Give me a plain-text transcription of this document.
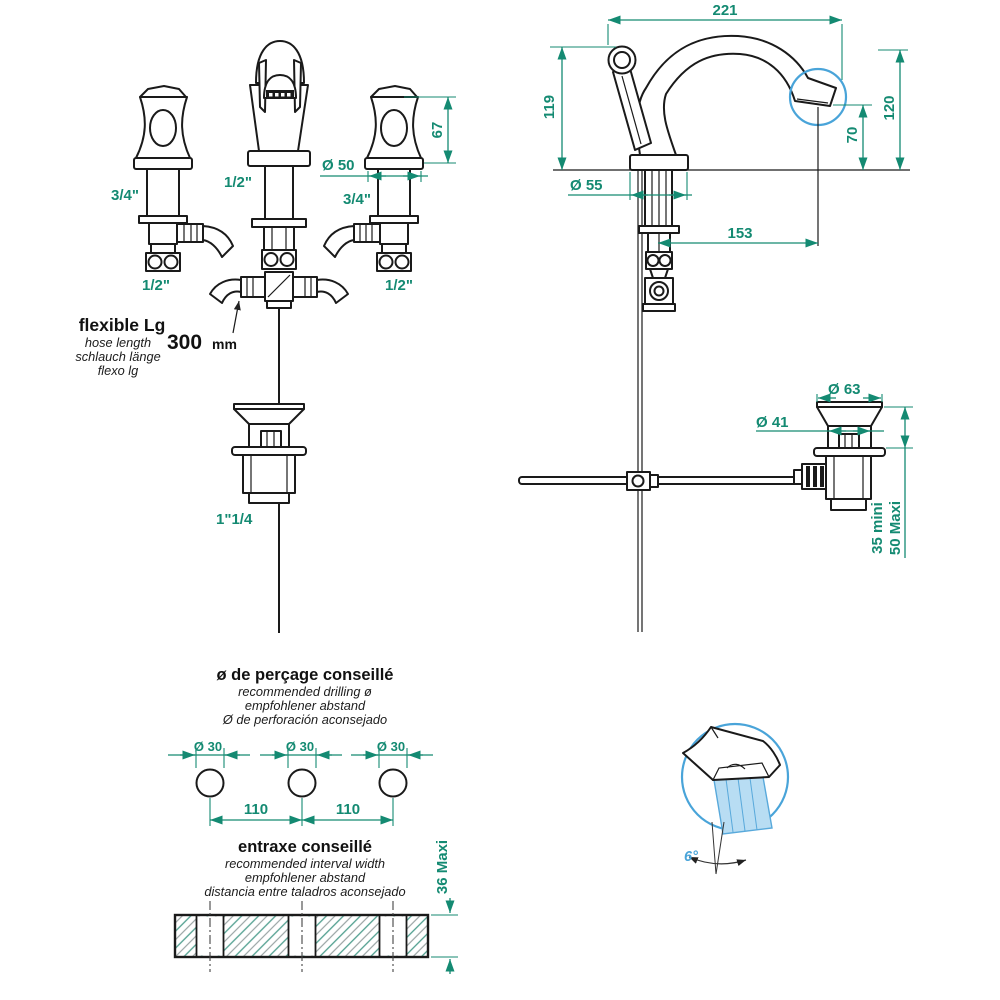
flexible Lg
hose length
schlauch länge
flexo lg
300 mm
67
Ø 50
3/4"
1/2"
3/4"
1/2"	1/2"
1"1/4
221
119	120
70
153
Ø 55
Ø 63
Ø 41
35 mini 50 Maxi
ø de perçage conseillé
recommended drilling ø
empfohlener abstand
Ø de perforación aconsejado
Ø 30	Ø 30	Ø 30
110	110
entraxe conseillé
recommended interval width
empfohlener abstand
distancia entre taladros aconsejado 36 Maxi	6°
